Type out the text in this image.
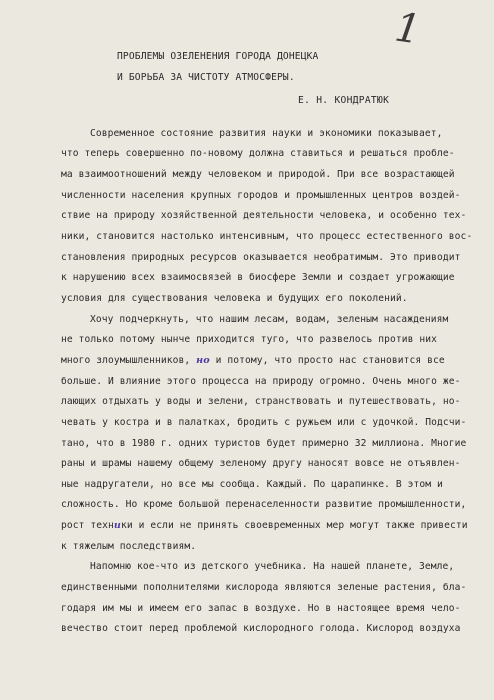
1
ПРОБЛЕМЫ ОЗЕЛЕНЕНИЯ ГОРОДА ДОНЕЦКА
И БОРЬБА ЗА ЧИСТОТУ АТМОСФЕРЫ.
Е. Н. КОНДРАТЮК
Современное состояние развития науки и экономики показывает,
что теперь совершенно по-новому должна ставиться и решаться пробле-
ма взаимоотношений между человеком и природой. При все возрастающей
численности населения крупных городов и промышленных центров воздей-
ствие на природу хозяйственной деятельности человека, и особенно тех-
ники, становится настолько интенсивным, что процесс естественного вос-
становления природных ресурсов оказывается необратимым. Это приводит
к нарушению всех взаимосвязей в биосфере Земли и создает угрожающие
условия для существования человека и будущих его поколений.
Хочу подчеркнуть, что нашим лесам, водам, зеленым насаждениям
не только потому нынче приходится туго, что развелось против них
много злоумышленников, но и потому, что просто нас становится все
больше. И влияние этого процесса на природу огромно. Очень много же-
лающих отдыхать у воды и зелени, странствовать и путешествовать, но-
чевать у костра и в палатках, бродить с ружьем или с удочкой. Подсчи-
тано, что в 1980 г. одних туристов будет примерно 32 миллиона. Многие
раны и шрамы нашему общему зеленому другу наносят вовсе не отъявлен-
ные надругатели, но все мы сообща. Каждый. По царапинке. В этом и
сложность. Но кроме большой перенаселенности развитие промышленности,
рост техники и если не принять своевременных мер могут также привести
к тяжелым последствиям.
Напомню кое-что из детского учебника. На нашей планете, Земле,
единственными пополнителями кислорода являются зеленые растения, бла-
годаря им мы и имеем его запас в воздухе. Но в настоящее время чело-
вечество стоит перед проблемой кислородного голода. Кислород воздуха
